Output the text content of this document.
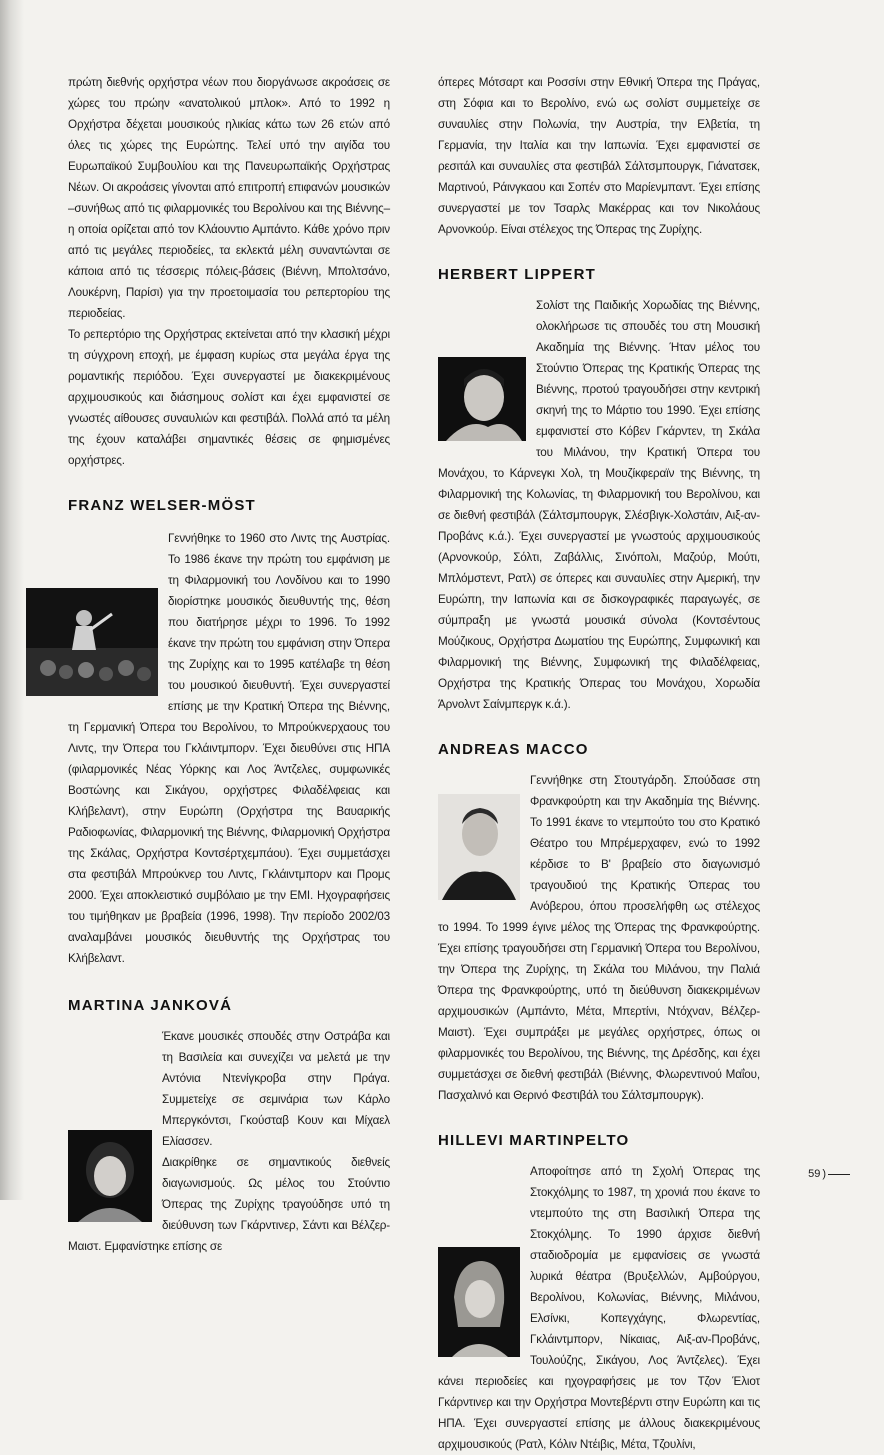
πρώτη διεθνής ορχήστρα νέων που διοργάνωσε ακροάσεις σε χώρες του πρώην «ανατολικού μπλοκ». Από το 1992 η Ορχήστρα δέχεται μουσικούς ηλικίας κάτω των 26 ετών από όλες τις χώρες της Ευρώπης. Τελεί υπό την αιγίδα του Ευρωπαϊκού Συμβουλίου και της Πανευρωπαϊκής Ορχήστρας Νέων. Οι ακροάσεις γίνονται από επιτροπή επιφανών μουσικών –συνήθως από τις φιλαρμονικές του Βερολίνου και της Βιέννης– η οποία ορίζεται από τον Κλάουντιο Αμπάντο. Κάθε χρόνο πριν από τις μεγάλες περιοδείες, τα εκλεκτά μέλη συναντώνται σε κάποια από τις τέσσερις πόλεις-βάσεις (Βιέννη, Μπολτσάνο, Λουκέρνη, Παρίσι) για την προετοιμασία του ρεπερτορίου της περιοδείας.

Το ρεπερτόριο της Ορχήστρας εκτείνεται από την κλασική μέχρι τη σύγχρονη εποχή, με έμφαση κυρίως στα μεγάλα έργα της ρομαντικής περιόδου. Έχει συνεργαστεί με διακεκριμένους αρχιμουσικούς και διάσημους σολίστ και έχει εμφανιστεί σε γνωστές αίθουσες συναυλιών και φεστιβάλ. Πολλά από τα μέλη της έχουν καταλάβει σημαντικές θέσεις σε φημισμένες ορχήστρες.

FRANZ WELSER-MÖST

Γεννήθηκε το 1960 στο Λιντς της Αυστρίας. Το 1986 έκανε την πρώτη του εμφάνιση με τη Φιλαρμονική του Λονδίνου και το 1990 διορίστηκε μουσικός διευθυντής της, θέση που διατήρησε μέχρι το 1996. Το 1992 έκανε την πρώτη του εμφάνιση στην Όπερα της Ζυρίχης και το 1995 κατέλαβε τη θέση του μουσικού διευθυντή. Έχει συνεργαστεί επίσης με την Κρατική Όπερα της Βιέννης, τη Γερμανική Όπερα του Βερολίνου, το Μπρούκνερχαους του Λιντς, την Όπερα του Γκλάιντμπορν. Έχει διευθύνει στις ΗΠΑ (φιλαρμονικές Νέας Υόρκης και Λος Άντζελες, συμφωνικές Βοστώνης και Σικάγου, ορχήστρες Φιλαδέλφειας και Κλήβελαντ), στην Ευρώπη (Ορχήστρα της Βαυαρικής Ραδιοφωνίας, Φιλαρμονική της Βιέννης, Φιλαρμονική Ορχήστρα της Σκάλας, Ορχήστρα Κοντσέρτχεμπάου). Έχει συμμετάσχει στα φεστιβάλ Μπρούκνερ του Λιντς, Γκλάιντμπορν και Προμς 2000. Έχει αποκλειστικό συμβόλαιο με την EMI. Ηχογραφήσεις του τιμήθηκαν με βραβεία (1996, 1998). Την περίοδο 2002/03 αναλαμβάνει μουσικός διευθυντής της Ορχήστρας του Κλήβελαντ.

MARTINA JANKOVÁ

Έκανε μουσικές σπουδές στην Οστράβα και τη Βασιλεία και συνεχίζει να μελετά με την Αντόνια Ντενίγκροβα στην Πράγα. Συμμετείχε σε σεμινάρια των Κάρλο Μπεργκόντσι, Γκούσταβ Κουν και Μίχαελ Ελίασσεν.

Διακρίθηκε σε σημαντικούς διεθνείς διαγωνισμούς. Ως μέλος του Στούντιο Όπερας της Ζυρίχης τραγούδησε υπό τη διεύθυνση των Γκάρντινερ, Σάντι και Βέλζερ-Μαιστ. Εμφανίστηκε επίσης σε

όπερες Μότσαρτ και Ροσσίνι στην Εθνική Όπερα της Πράγας, στη Σόφια και το Βερολίνο, ενώ ως σολίστ συμμετείχε σε συναυλίες στην Πολωνία, την Αυστρία, την Ελβετία, τη Γερμανία, την Ιταλία και την Ιαπωνία. Έχει εμφανιστεί σε ρεσιτάλ και συναυλίες στα φεστιβάλ Σάλτσμπουργκ, Γιάνατσεκ, Μαρτινού, Ράινγκαου και Σοπέν στο Μαρίενμπαντ. Έχει επίσης συνεργαστεί με τον Τσαρλς Μακέρρας και τον Νικολάους Αρνονκούρ. Είναι στέλεχος της Όπερας της Ζυρίχης.

HERBERT LIPPERT

Σολίστ της Παιδικής Χορωδίας της Βιέννης, ολοκλήρωσε τις σπουδές του στη Μουσική Ακαδημία της Βιέννης. Ήταν μέλος του Στούντιο Όπερας της Κρατικής Όπερας της Βιέννης, προτού τραγουδήσει στην κεντρική σκηνή της το Μάρτιο του 1990. Έχει επίσης εμφανιστεί στο Κόβεν Γκάρντεν, τη Σκάλα του Μιλάνου, την Κρατική Όπερα του Μονάχου, το Κάρνεγκι Χολ, τη Μουζίκφεραϊν της Βιέννης, τη Φιλαρμονική της Κολωνίας, τη Φιλαρμονική του Βερολίνου, και σε διεθνή φεστιβάλ (Σάλτσμπουργκ, Σλέσβιγκ-Χολστάιν, Αιξ-αν-Προβάνς κ.ά.). Έχει συνεργαστεί με γνωστούς αρχιμουσικούς (Αρνονκούρ, Σόλτι, Ζαβάλλις, Σινόπολι, Μαζούρ, Μούτι, Μπλόμστεντ, Ρατλ) σε όπερες και συναυλίες στην Αμερική, την Ευρώπη, την Ιαπωνία και σε δισκογραφικές παραγωγές, σε σύμπραξη με γνωστά μουσικά σύνολα (Κοντσέντους Μούζικους, Ορχήστρα Δωματίου της Ευρώπης, Συμφωνική και Φιλαρμονική της Βιέννης, Συμφωνική της Φιλαδέλφειας, Ορχήστρα της Κρατικής Όπερας του Μονάχου, Χορωδία Άρνολντ Σαίνμπεργκ κ.ά.).

ANDREAS MACCO

Γεννήθηκε στη Στουτγάρδη. Σπούδασε στη Φρανκφούρτη και την Ακαδημία της Βιέννης. Το 1991 έκανε το ντεμπούτο του στο Κρατικό Θέατρο του Μπρέμερχαφεν, ενώ το 1992 κέρδισε το Β' βραβείο στο διαγωνισμό τραγουδιού της Κρατικής Όπερας του Ανόβερου, όπου προσελήφθη ως στέλεχος το 1994. Το 1999 έγινε μέλος της Όπερας της Φρανκφούρτης. Έχει επίσης τραγουδήσει στη Γερμανική Όπερα του Βερολίνου, την Όπερα της Ζυρίχης, τη Σκάλα του Μιλάνου, την Παλιά Όπερα της Φρανκφούρτης, υπό τη διεύθυνση διακεκριμένων αρχιμουσικών (Αμπάντο, Μέτα, Μπερτίνι, Ντόχναν, Βέλζερ-Μαιστ). Έχει συμπράξει με μεγάλες ορχήστρες, όπως οι φιλαρμονικές του Βερολίνου, της Βιέννης, της Δρέσδης, και έχει συμμετάσχει σε διεθνή φεστιβάλ (Βιέννης, Φλωρεντινού Μαΐου, Πασχαλινό και Θερινό Φεστιβάλ του Σάλτσμπουργκ).

HILLEVI MARTINPELTO

Αποφοίτησε από τη Σχολή Όπερας της Στοκχόλμης το 1987, τη χρονιά που έκανε το ντεμπούτο της στη Βασιλική Όπερα της Στοκχόλμης. Το 1990 άρχισε διεθνή σταδιοδρομία με εμφανίσεις σε γνωστά λυρικά θέατρα (Βρυξελλών, Αμβούργου, Βερολίνου, Κολωνίας, Βιέννης, Μιλάνου, Ελσίνκι, Κοπεγχάγης, Φλωρεντίας, Γκλάιντμπορν, Νίκαιας, Αιξ-αν-Προβάνς, Τουλούζης, Σικάγου, Λος Άντζελες). Έχει κάνει περιοδείες και ηχογραφήσεις με τον Τζον Έλιοτ Γκάρντινερ και την Ορχήστρα Μοντεβέρντι στην Ευρώπη και τις ΗΠΑ. Έχει συνεργαστεί επίσης με άλλους διακεκριμένους αρχιμουσικούς (Ρατλ, Κόλιν Ντέιβις, Μέτα, Τζουλίνι,

59 )
